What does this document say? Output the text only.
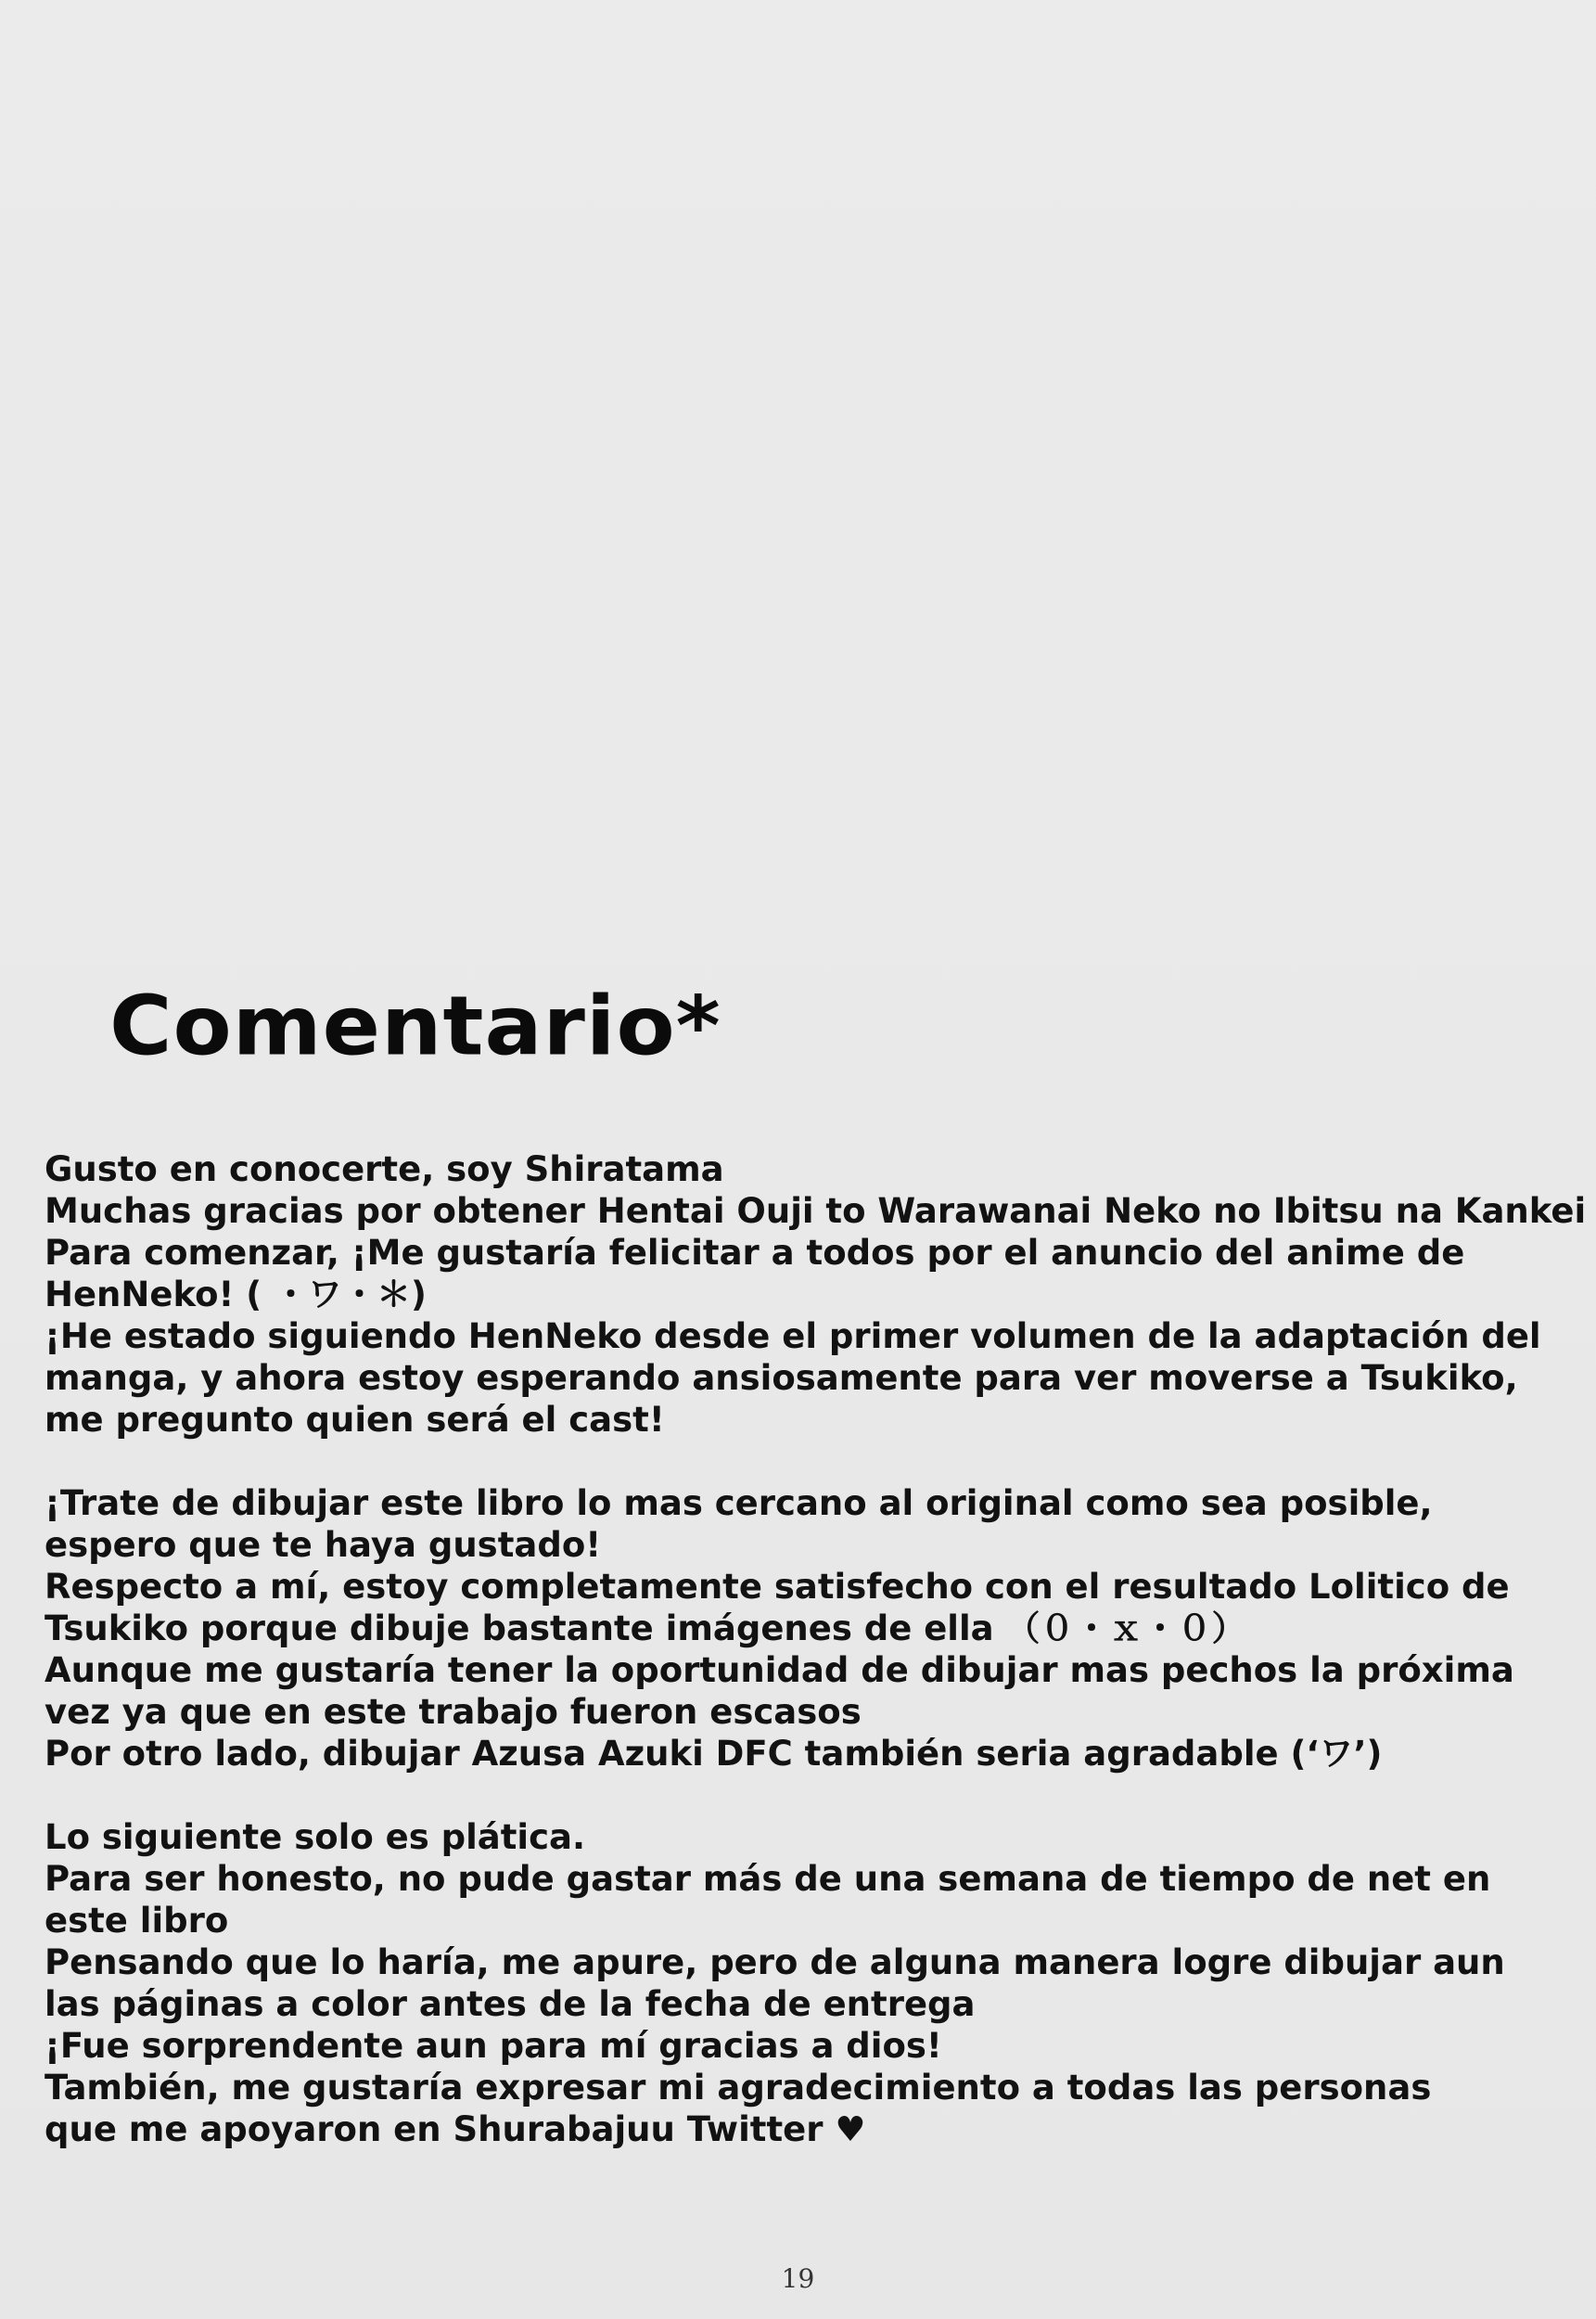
Comentario*
Gusto en conocerte, soy Shiratama
Muchas gracias por obtener Hentai Ouji to Warawanai Neko no Ibitsu na Kankei
Para comenzar, ¡Me gustaría felicitar a todos por el anuncio del anime de
HenNeko! ( ・ワ・＊)
¡He estado siguiendo HenNeko desde el primer volumen de la adaptación del
manga, y ahora estoy esperando ansiosamente para ver moverse a Tsukiko,
me pregunto quien será el cast!
¡Trate de dibujar este libro lo mas cercano al original como sea posible,
espero que te haya gustado!
Respecto a mí, estoy completamente satisfecho con el resultado Lolitico de
Tsukiko porque dibuje bastante imágenes de ella （０・ｘ・０）
Aunque me gustaría tener la oportunidad de dibujar mas pechos la próxima
vez ya que en este trabajo fueron escasos
Por otro lado, dibujar Azusa Azuki DFC también seria agradable (‘ワ’)
Lo siguiente solo es plática.
Para ser honesto, no pude gastar más de una semana de tiempo de net en
este libro
Pensando que lo haría, me apure, pero de alguna manera logre dibujar aun
las páginas a color antes de la fecha de entrega
¡Fue sorprendente aun para mí gracias a dios!
También, me gustaría expresar mi agradecimiento a todas las personas
que me apoyaron en Shurabajuu Twitter ♥
19
